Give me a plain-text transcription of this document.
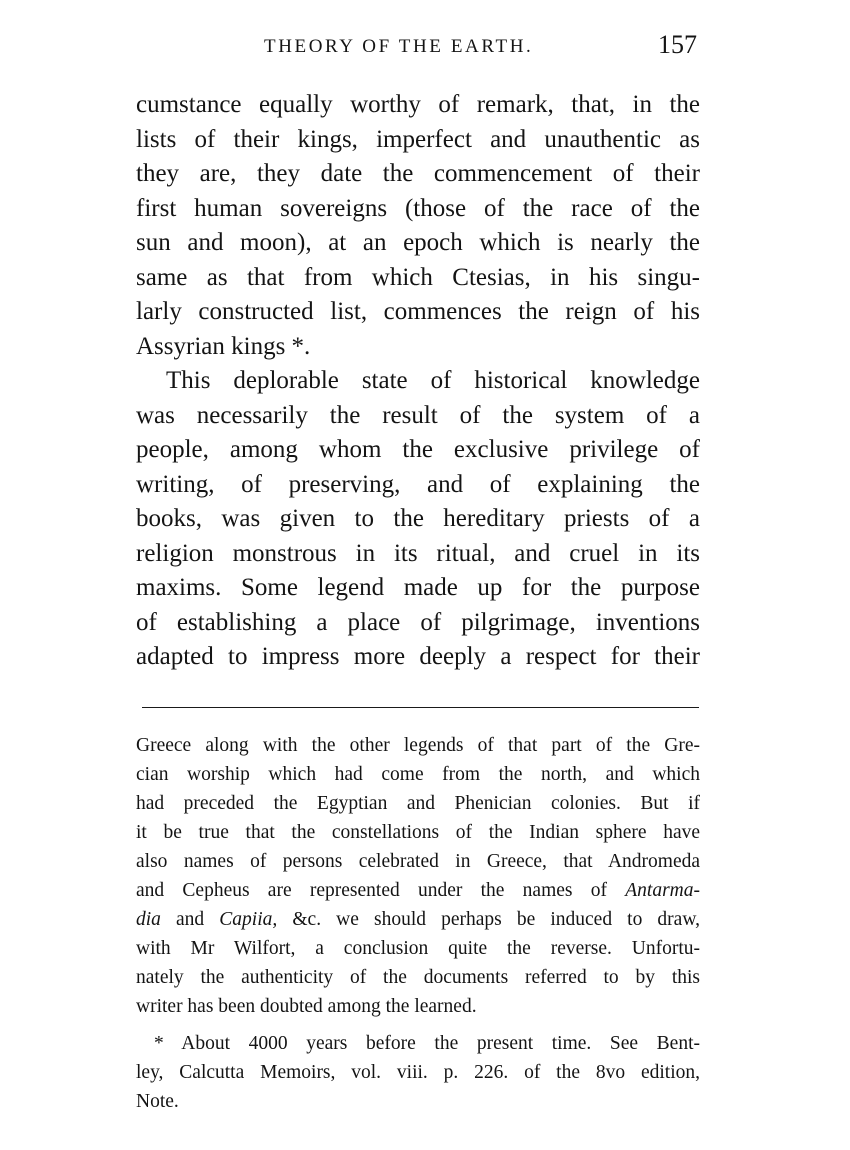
THEORY OF THE EARTH.	157
cumstance equally worthy of remark, that, in the
lists of their kings, imperfect and unauthentic as
they are, they date the commencement of their
first human sovereigns (those of the race of the
sun and moon), at an epoch which is nearly the
same as that from which Ctesias, in his singu-
larly constructed list, commences the reign of his
Assyrian kings *.
This deplorable state of historical knowledge
was necessarily the result of the system of a
people, among whom the exclusive privilege of
writing, of preserving, and of explaining the
books, was given to the hereditary priests of a
religion monstrous in its ritual, and cruel in its
maxims. Some legend made up for the purpose
of establishing a place of pilgrimage, inventions
adapted to impress more deeply a respect for their
Greece along with the other legends of that part of the Gre-
cian worship which had come from the north, and which
had preceded the Egyptian and Phenician colonies. But if
it be true that the constellations of the Indian sphere have
also names of persons celebrated in Greece, that Andromeda
and Cepheus are represented under the names of Antarma-
dia and Capiia, &c. we should perhaps be induced to draw,
with Mr Wilfort, a conclusion quite the reverse. Unfortu-
nately the authenticity of the documents referred to by this
writer has been doubted among the learned.
* About 4000 years before the present time. See Bent-
ley, Calcutta Memoirs, vol. viii. p. 226. of the 8vo edition,
Note.
